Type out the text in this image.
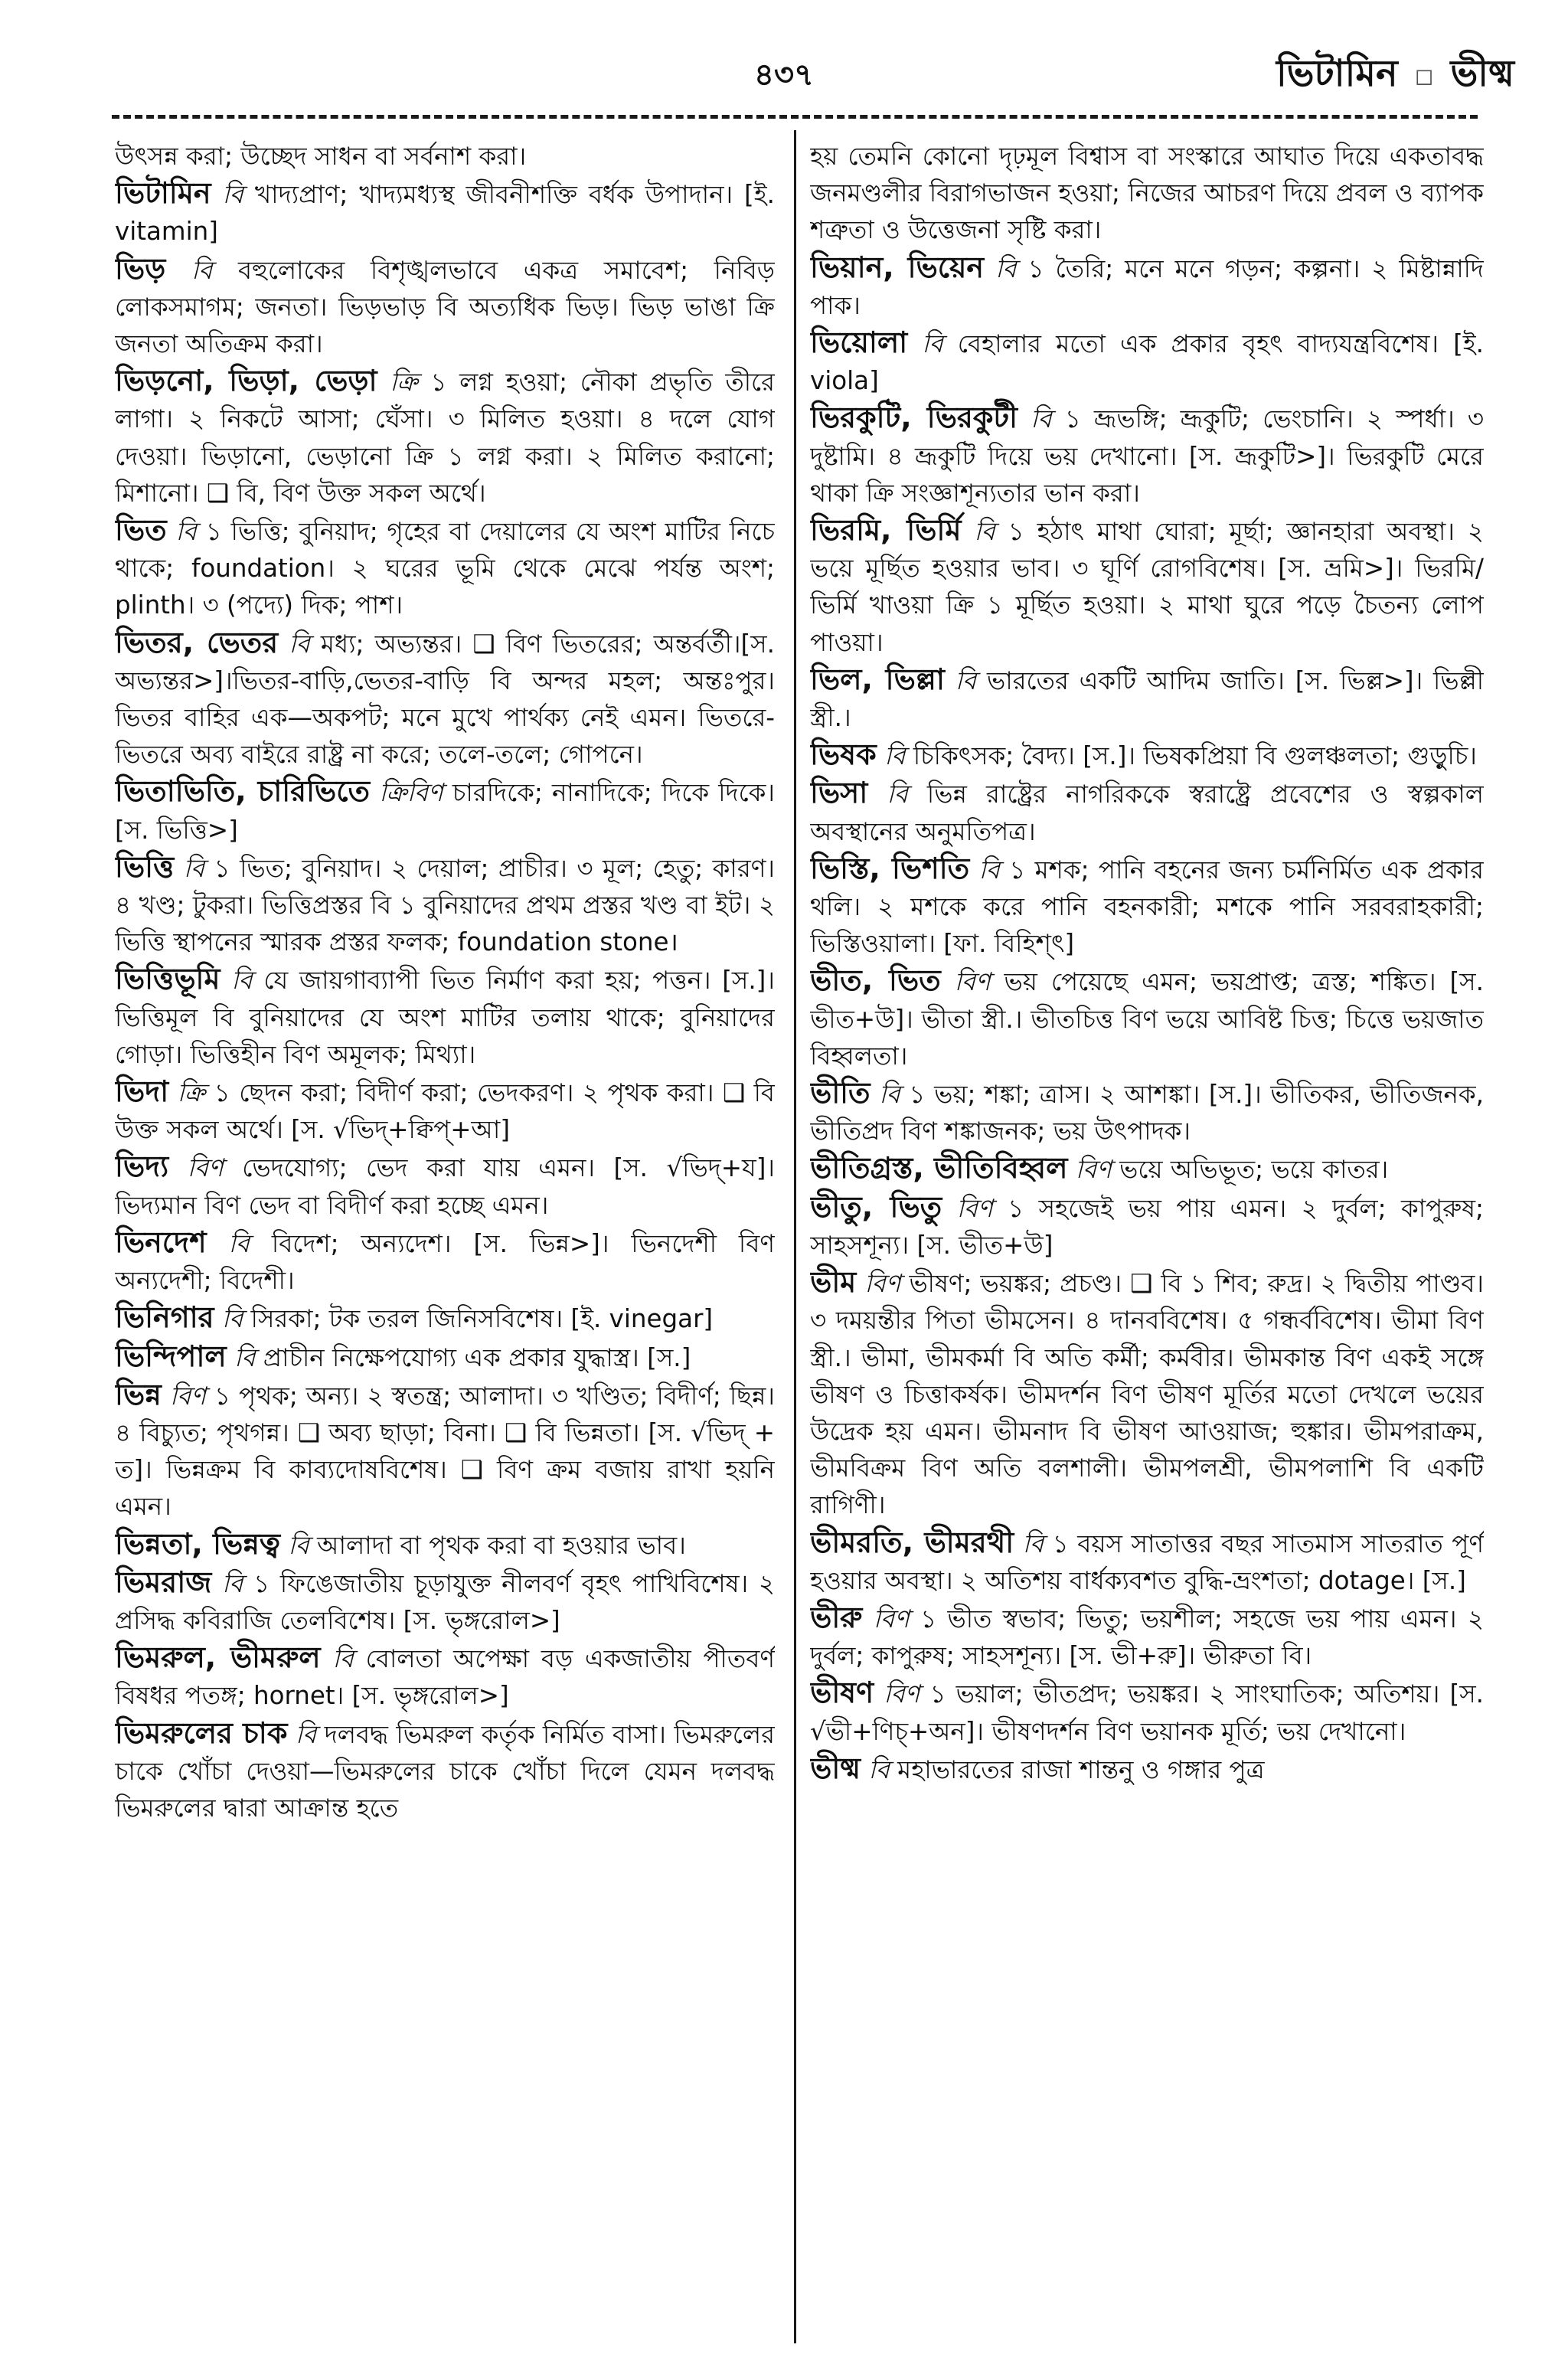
৪৩৭	ভিটামিন ◻ ভীষ্ম

উৎসন্ন করা; উচ্ছেদ সাধন বা সর্বনাশ করা।

ভিটামিন বি খাদ্যপ্রাণ; খাদ্যমধ্যস্থ জীবনীশক্তি বর্ধক উপাদান। [ই. vitamin]

ভিড় বি বহুলোকের বিশৃঙ্খলভাবে একত্র সমাবেশ; নিবিড় লোকসমাগম; জনতা। ভিড়ভাড় বি অত্যধিক ভিড়। ভিড় ভাঙা ক্রি জনতা অতিক্রম করা।

ভিড়নো, ভিড়া, ভেড়া ক্রি ১ লগ্ন হওয়া; নৌকা প্রভৃতি তীরে লাগা। ২ নিকটে আসা; ঘেঁসা। ৩ মিলিত হওয়া। ৪ দলে যোগ দেওয়া। ভিড়ানো, ভেড়ানো ক্রি ১ লগ্ন করা। ২ মিলিত করানো; মিশানো। ❑ বি, বিণ উক্ত সকল অর্থে।

ভিত বি ১ ভিত্তি; বুনিয়াদ; গৃহের বা দেয়ালের যে অংশ মাটির নিচে থাকে; foundation। ২ ঘরের ভূমি থেকে মেঝে পর্যন্ত অংশ; plinth। ৩ (পদ্যে) দিক; পাশ।

ভিতর, ভেতর বি মধ্য; অভ্যন্তর। ❑ বিণ ভিতরের; অন্তর্বর্তী।[স. অভ্যন্তর>]।ভিতর-বাড়ি,ভেতর-বাড়ি বি অন্দর মহল; অন্তঃপুর। ভিতর বাহির এক—অকপট; মনে মুখে পার্থক্য নেই এমন। ভিতরে-ভিতরে অব্য বাইরে রাষ্ট্র না করে; তলে-তলে; গোপনে।

ভিতাভিতি, চারিভিতে ক্রিবিণ চারদিকে; নানাদিকে; দিকে দিকে। [স. ভিত্তি>]

ভিত্তি বি ১ ভিত; বুনিয়াদ। ২ দেয়াল; প্রাচীর। ৩ মূল; হেতু; কারণ। ৪ খণ্ড; টুকরা। ভিত্তিপ্রস্তর বি ১ বুনিয়াদের প্রথম প্রস্তর খণ্ড বা ইট। ২ ভিত্তি স্থাপনের স্মারক প্রস্তর ফলক; foundation stone।

ভিত্তিভূমি বি যে জায়গাব্যাপী ভিত নির্মাণ করা হয়; পত্তন। [স.]। ভিত্তিমূল বি বুনিয়াদের যে অংশ মাটির তলায় থাকে; বুনিয়াদের গোড়া। ভিত্তিহীন বিণ অমূলক; মিথ্যা।

ভিদা ক্রি ১ ছেদন করা; বিদীর্ণ করা; ভেদকরণ। ২ পৃথক করা। ❑ বি উক্ত সকল অর্থে। [স. √ভিদ্+ক্বিপ্+আ]

ভিদ্য বিণ ভেদযোগ্য; ভেদ করা যায় এমন। [স. √ভিদ্+য]। ভিদ্যমান বিণ ভেদ বা বিদীর্ণ করা হচ্ছে এমন।

ভিনদেশ বি বিদেশ; অন্যদেশ। [স. ভিন্ন>]। ভিনদেশী বিণ অন্যদেশী; বিদেশী।

ভিনিগার বি সিরকা; টক তরল জিনিসবিশেষ। [ই. vinegar]

ভিন্দিপাল বি প্রাচীন নিক্ষেপযোগ্য এক প্রকার যুদ্ধাস্ত্র। [স.]

ভিন্ন বিণ ১ পৃথক; অন্য। ২ স্বতন্ত্র; আলাদা। ৩ খণ্ডিত; বিদীর্ণ; ছিন্ন। ৪ বিচ্যুত; পৃথগন্ন। ❑ অব্য ছাড়া; বিনা। ❑ বি ভিন্নতা। [স. √ভিদ্ + ত]। ভিন্নক্রম বি কাব্যদোষবিশেষ। ❑ বিণ ক্রম বজায় রাখা হয়নি এমন।

ভিন্নতা, ভিন্নত্ব বি আলাদা বা পৃথক করা বা হওয়ার ভাব।

ভিমরাজ বি ১ ফিঙেজাতীয় চূড়াযুক্ত নীলবর্ণ বৃহৎ পাখিবিশেষ। ২ প্রসিদ্ধ কবিরাজি তেলবিশেষ। [স. ভৃঙ্গরোল>]

ভিমরুল, ভীমরুল বি বোলতা অপেক্ষা বড় একজাতীয় পীতবর্ণ বিষধর পতঙ্গ; hornet। [স. ভৃঙ্গরোল>]

ভিমরুলের চাক বি দলবদ্ধ ভিমরুল কর্তৃক নির্মিত বাসা। ভিমরুলের চাকে খোঁচা দেওয়া—ভিমরুলের চাকে খোঁচা দিলে যেমন দলবদ্ধ ভিমরুলের দ্বারা আক্রান্ত হতে

হয় তেমনি কোনো দৃঢ়মূল বিশ্বাস বা সংস্কারে আঘাত দিয়ে একতাবদ্ধ জনমণ্ডলীর বিরাগভাজন হওয়া; নিজের আচরণ দিয়ে প্রবল ও ব্যাপক শত্রুতা ও উত্তেজনা সৃষ্টি করা।

ভিয়ান, ভিয়েন বি ১ তৈরি; মনে মনে গড়ন; কল্পনা। ২ মিষ্টান্নাদি পাক।

ভিয়োলা বি বেহালার মতো এক প্রকার বৃহৎ বাদ্যযন্ত্রবিশেষ। [ই. viola]

ভিরকুটি, ভিরকুটী বি ১ ভ্রূভঙ্গি; ভ্রূকুটি; ভেংচানি। ২ স্পর্ধা। ৩ দুষ্টামি। ৪ ভ্রূকুটি দিয়ে ভয় দেখানো। [স. ভ্রূকুটি>]। ভিরকুটি মেরে থাকা ক্রি সংজ্ঞাশূন্যতার ভান করা।

ভিরমি, ভির্মি বি ১ হঠাৎ মাথা ঘোরা; মূর্ছা; জ্ঞানহারা অবস্থা। ২ ভয়ে মূর্ছিত হওয়ার ভাব। ৩ ঘূর্ণি রোগবিশেষ। [স. ভ্রমি>]। ভিরমি/ ভির্মি খাওয়া ক্রি ১ মূর্ছিত হওয়া। ২ মাথা ঘুরে পড়ে চৈতন্য লোপ পাওয়া।

ভিল, ভিল্লা বি ভারতের একটি আদিম জাতি। [স. ভিল্ল>]। ভিল্লী স্ত্রী.।

ভিষক বি চিকিৎসক; বৈদ্য। [স.]। ভিষকপ্রিয়া বি গুলঞ্চলতা; গুড়ুচি।

ভিসা বি ভিন্ন রাষ্ট্রের নাগরিককে স্বরাষ্ট্রে প্রবেশের ও স্বল্পকাল অবস্থানের অনুমতিপত্র।

ভিস্তি, ভিশতি বি ১ মশক; পানি বহনের জন্য চর্মনির্মিত এক প্রকার থলি। ২ মশকে করে পানি বহনকারী; মশকে পানি সরবরাহকারী; ভিস্তিওয়ালা। [ফা. বিহিশ্‌ৎ]

ভীত, ভিত বিণ ভয় পেয়েছে এমন; ভয়প্রাপ্ত; ত্রস্ত; শঙ্কিত। [স. ভীত+উ]। ভীতা স্ত্রী.। ভীতচিত্ত বিণ ভয়ে আবিষ্ট চিত্ত; চিত্তে ভয়জাত বিহ্বলতা।

ভীতি বি ১ ভয়; শঙ্কা; ত্রাস। ২ আশঙ্কা। [স.]। ভীতিকর, ভীতিজনক, ভীতিপ্রদ বিণ শঙ্কাজনক; ভয় উৎপাদক।

ভীতিগ্রস্ত, ভীতিবিহ্বল বিণ ভয়ে অভিভূত; ভয়ে কাতর।

ভীতু, ভিতু বিণ ১ সহজেই ভয় পায় এমন। ২ দুর্বল; কাপুরুষ; সাহসশূন্য। [স. ভীত+উ]

ভীম বিণ ভীষণ; ভয়ঙ্কর; প্রচণ্ড। ❑ বি ১ শিব; রুদ্র। ২ দ্বিতীয় পাণ্ডব। ৩ দময়ন্তীর পিতা ভীমসেন। ৪ দানববিশেষ। ৫ গন্ধর্ববিশেষ। ভীমা বিণ স্ত্রী.। ভীমা, ভীমকর্মা বি অতি কর্মী; কর্মবীর। ভীমকান্ত বিণ একই সঙ্গে ভীষণ ও চিত্তাকর্ষক। ভীমদর্শন বিণ ভীষণ মূর্তির মতো দেখলে ভয়ের উদ্রেক হয় এমন। ভীমনাদ বি ভীষণ আওয়াজ; হুঙ্কার। ভীমপরাক্রম, ভীমবিক্রম বিণ অতি বলশালী। ভীমপলশ্রী, ভীমপলাশি বি একটি রাগিণী।

ভীমরতি, ভীমরথী বি ১ বয়স সাতাত্তর বছর সাতমাস সাতরাত পূর্ণ হওয়ার অবস্থা। ২ অতিশয় বার্ধক্যবশত বুদ্ধি-ভ্রংশতা; dotage। [স.]

ভীরু বিণ ১ ভীত স্বভাব; ভিতু; ভয়শীল; সহজে ভয় পায় এমন। ২ দুর্বল; কাপুরুষ; সাহসশূন্য। [স. ভী+রু]। ভীরুতা বি।

ভীষণ বিণ ১ ভয়াল; ভীতপ্রদ; ভয়ঙ্কর। ২ সাংঘাতিক; অতিশয়। [স. √ভী+ণিচ্+অন]। ভীষণদর্শন বিণ ভয়ানক মূর্তি; ভয় দেখানো।

ভীষ্ম বি মহাভারতের রাজা শান্তনু ও গঙ্গার পুত্র
